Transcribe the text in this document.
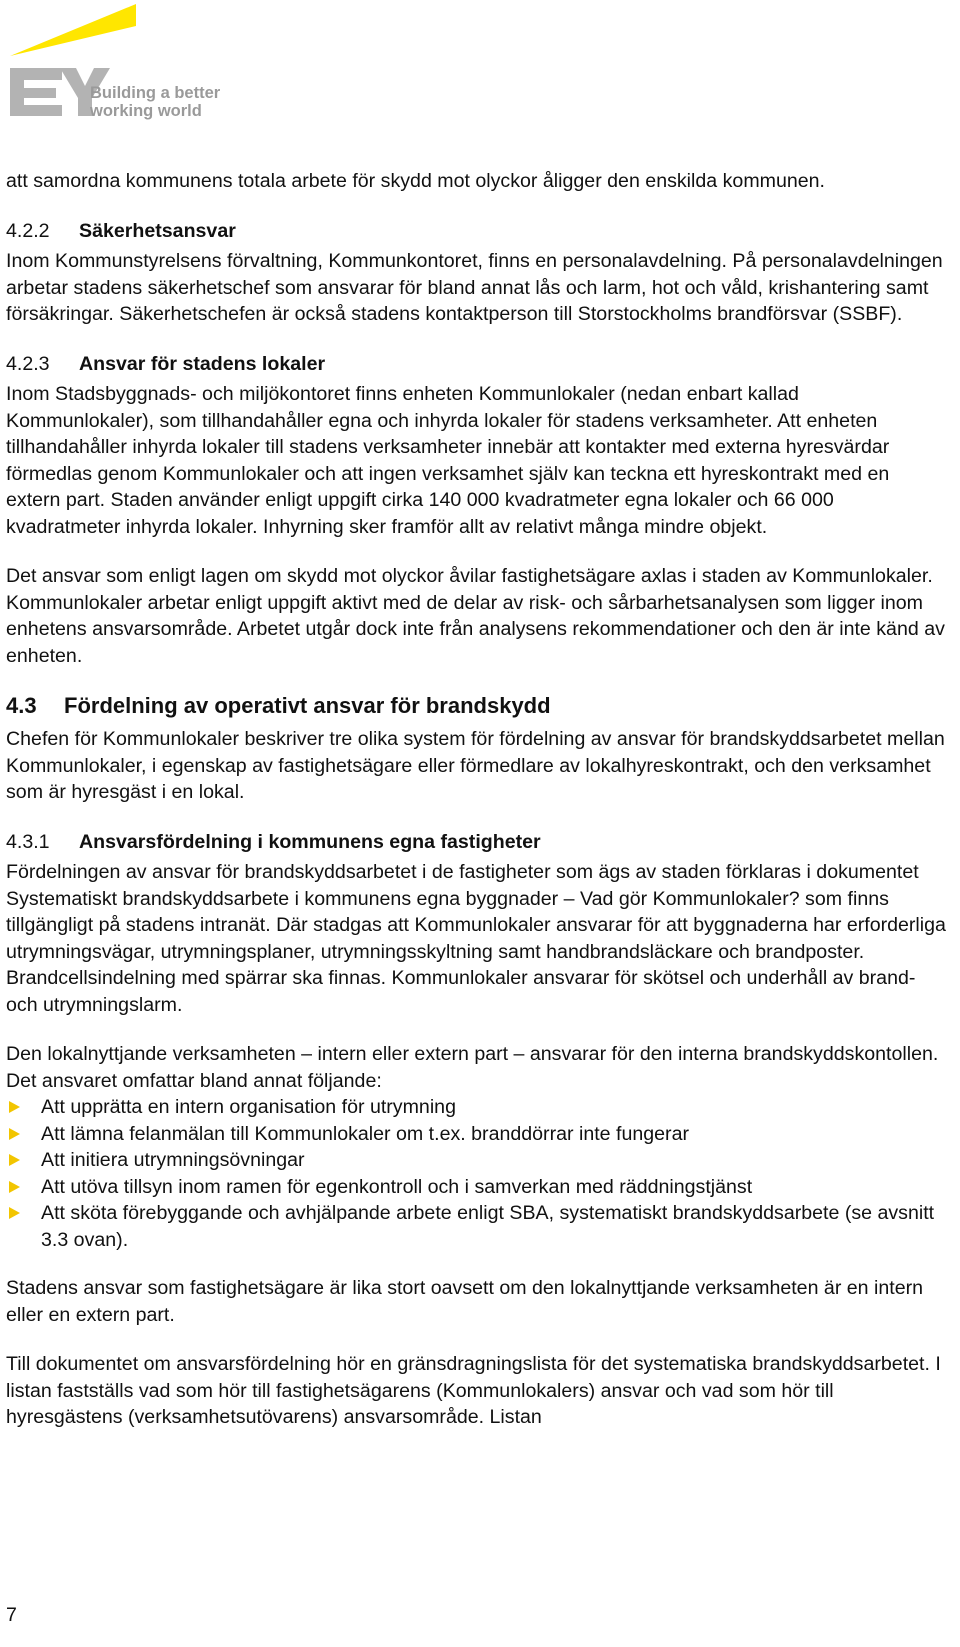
Building a better
working world

att samordna kommunens totala arbete för skydd mot olyckor åligger den enskilda kommunen.

4.2.2 Säkerhetsansvar

Inom Kommunstyrelsens förvaltning, Kommunkontoret, finns en personalavdelning. På personalavdelningen arbetar stadens säkerhetschef som ansvarar för bland annat lås och larm, hot och våld, krishantering samt försäkringar. Säkerhetschefen är också stadens kontaktperson till Storstockholms brandförsvar (SSBF).

4.2.3 Ansvar för stadens lokaler

Inom Stadsbyggnads- och miljökontoret finns enheten Kommunlokaler (nedan enbart kallad Kommunlokaler), som tillhandahåller egna och inhyrda lokaler för stadens verksamheter. Att enheten tillhandahåller inhyrda lokaler till stadens verksamheter innebär att kontakter med externa hyresvärdar förmedlas genom Kommunlokaler och att ingen verksamhet själv kan teckna ett hyreskontrakt med en extern part. Staden använder enligt uppgift cirka 140 000 kvadratmeter egna lokaler och 66 000 kvadratmeter inhyrda lokaler. Inhyrning sker framför allt av relativt många mindre objekt.

Det ansvar som enligt lagen om skydd mot olyckor åvilar fastighetsägare axlas i staden av Kommunlokaler. Kommunlokaler arbetar enligt uppgift aktivt med de delar av risk- och sårbarhetsanalysen som ligger inom enhetens ansvarsområde. Arbetet utgår dock inte från analysens rekommendationer och den är inte känd av enheten.

4.3 Fördelning av operativt ansvar för brandskydd

Chefen för Kommunlokaler beskriver tre olika system för fördelning av ansvar för brandskyddsarbetet mellan Kommunlokaler, i egenskap av fastighetsägare eller förmedlare av lokalhyreskontrakt, och den verksamhet som är hyresgäst i en lokal.

4.3.1 Ansvarsfördelning i kommunens egna fastigheter

Fördelningen av ansvar för brandskyddsarbetet i de fastigheter som ägs av staden förklaras i dokumentet Systematiskt brandskyddsarbete i kommunens egna byggnader – Vad gör Kommunlokaler? som finns tillgängligt på stadens intranät. Där stadgas att Kommunlokaler ansvarar för att byggnaderna har erforderliga utrymningsvägar, utrymningsplaner, utrymningsskyltning samt handbrandsläckare och brandposter. Brandcellsindelning med spärrar ska finnas. Kommunlokaler ansvarar för skötsel och underhåll av brand- och utrymningslarm.

Den lokalnyttjande verksamheten – intern eller extern part – ansvarar för den interna brandskyddskontollen. Det ansvaret omfattar bland annat följande:

Att upprätta en intern organisation för utrymning
Att lämna felanmälan till Kommunlokaler om t.ex. branddörrar inte fungerar
Att initiera utrymningsövningar
Att utöva tillsyn inom ramen för egenkontroll och i samverkan med räddningstjänst
Att sköta förebyggande och avhjälpande arbete enligt SBA, systematiskt brandskyddsarbete (se avsnitt 3.3 ovan).

Stadens ansvar som fastighetsägare är lika stort oavsett om den lokalnyttjande verksamheten är en intern eller en extern part.

Till dokumentet om ansvarsfördelning hör en gränsdragningslista för det systematiska brandskyddsarbetet. I listan fastställs vad som hör till fastighetsägarens (Kommunlokalers) ansvar och vad som hör till hyresgästens (verksamhetsutövarens) ansvarsområde. Listan

7
